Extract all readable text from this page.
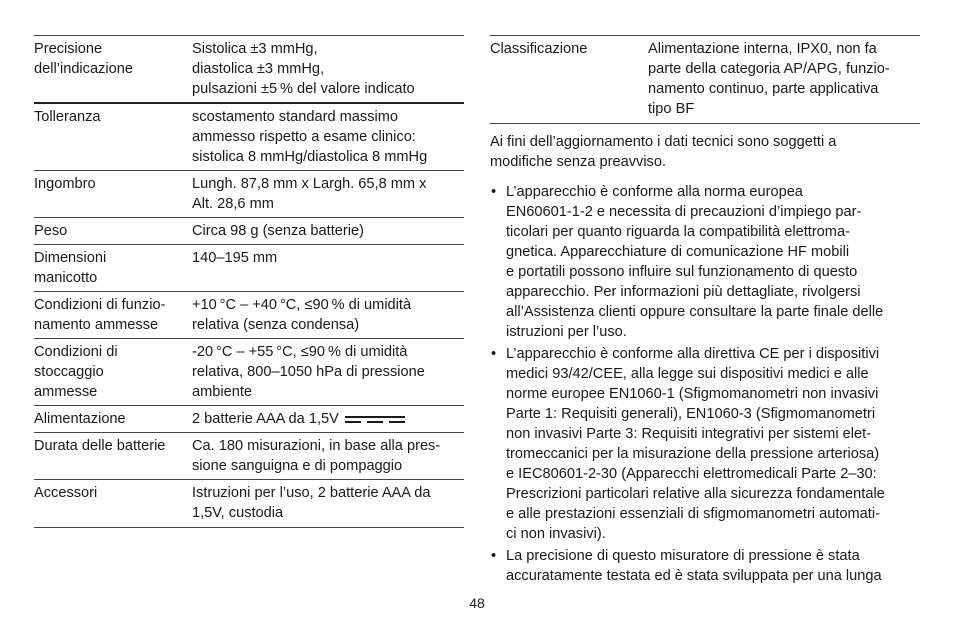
Precisione
dell’indicazione	Sistolica ±3 mmHg,
diastolica ±3 mmHg,
pulsazioni ±5 % del valore indicato

Tolleranza	scostamento standard massimo
ammesso rispetto a esame clinico:
sistolica 8 mmHg/diastolica 8 mmHg

Ingombro	Lungh. 87,8 mm x Largh. 65,8 mm x
Alt. 28,6 mm

Peso	Circa 98 g (senza batterie)

Dimensioni
manicotto	140–195 mm

Condizioni di funzio-
namento ammesse	+10 °C – +40 °C, ≤90 % di umidità
relativa (senza condensa)

Condizioni di
stoccaggio
ammesse	-20 °C – +55 °C, ≤90 % di umidità
relativa, 800–1050 hPa di pressione
ambiente

Alimentazione	2 batterie AAA da 1,5V

Durata delle batterie	Ca. 180 misurazioni, in base alla pres-
sione sanguigna e di pompaggio

Accessori	Istruzioni per l’uso, 2 batterie AAA da
1,5V, custodia

Classificazione	Alimentazione interna, IPX0, non fa
parte della categoria AP/APG, funzio-
namento continuo, parte applicativa
tipo BF

Ai fini dell’aggiornamento i dati tecnici sono soggetti a
modifiche senza preavviso.

• L’apparecchio è conforme alla norma europea
EN60601-1-2 e necessita di precauzioni d’impiego par-
ticolari per quanto riguarda la compatibilità elettroma-
gnetica. Apparecchiature di comunicazione HF mobili
e portatili possono influire sul funzionamento di questo
apparecchio. Per informazioni più dettagliate, rivolgersi
all’Assistenza clienti oppure consultare la parte finale delle
istruzioni per l’uso.

• L’apparecchio è conforme alla direttiva CE per i dispositivi
medici 93/42/CEE, alla legge sui dispositivi medici e alle
norme europee EN1060-1 (Sfigmomanometri non invasivi
Parte 1: Requisiti generali), EN1060-3 (Sfigmomanometri
non invasivi Parte 3: Requisiti integrativi per sistemi elet-
tromeccanici per la misurazione della pressione arteriosa)
e IEC80601-2-30 (Apparecchi elettromedicali Parte 2–30:
Prescrizioni particolari relative alla sicurezza fondamentale
e alle prestazioni essenziali di sfigmomanometri automati-
ci non invasivi).

• La precisione di questo misuratore di pressione è stata
accuratamente testata ed è stata sviluppata per una lunga

48
